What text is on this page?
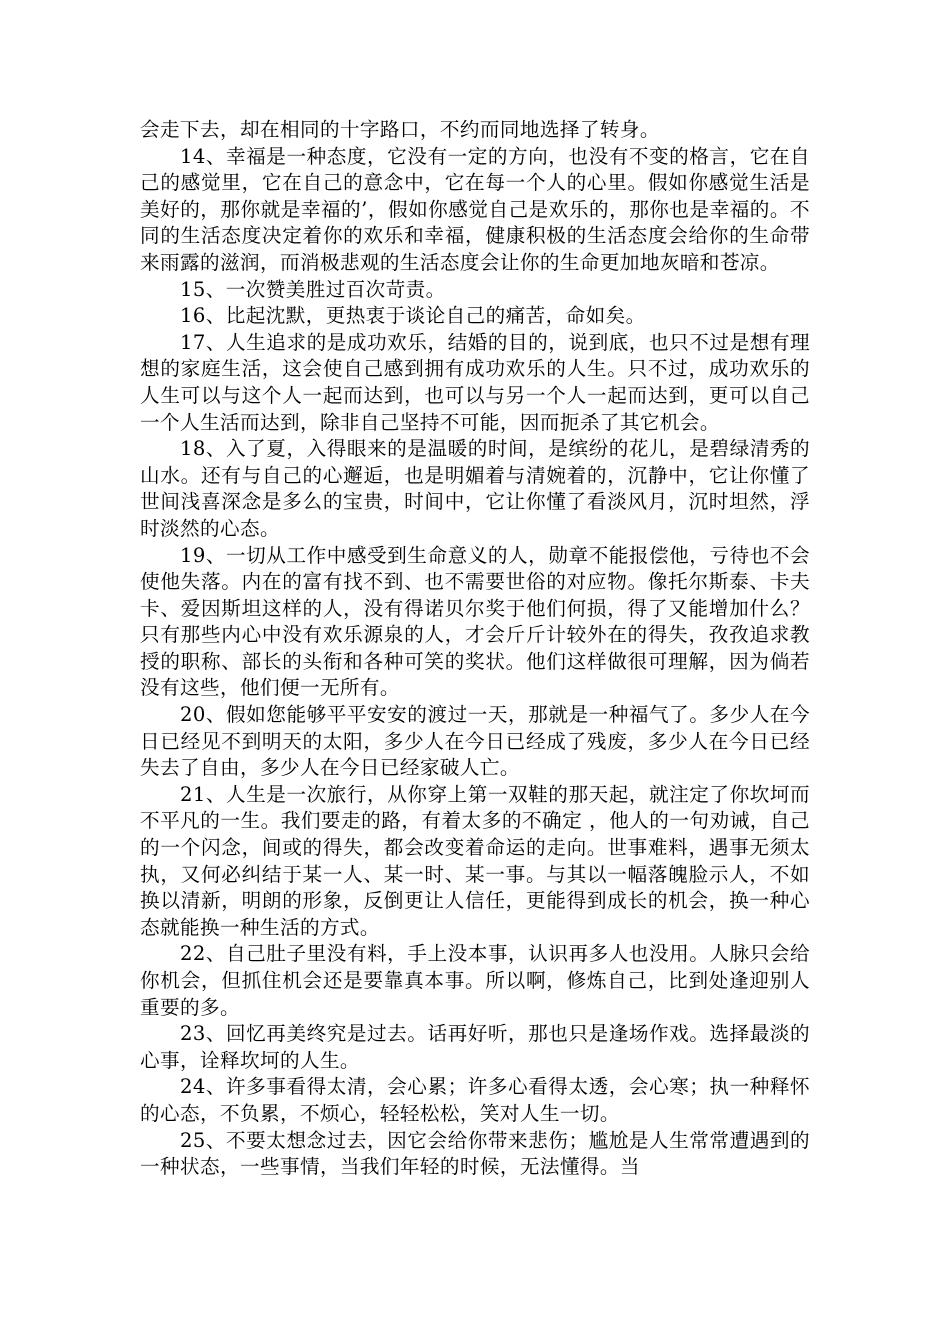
会走下去，却在相同的十字路口，不约而同地选择了转身。

14、幸福是一种态度，它没有一定的方向，也没有不变的格言，它在自己的感觉里，它在自己的意念中，它在每一个人的心里。假如你感觉生活是美好的，那你就是幸福的’，假如你感觉自己是欢乐的，那你也是幸福的。不同的生活态度决定着你的欢乐和幸福，健康积极的生活态度会给你的生命带来雨露的滋润，而消极悲观的生活态度会让你的生命更加地灰暗和苍凉。

15、一次赞美胜过百次苛责。

16、比起沈默，更热衷于谈论自己的痛苦，命如矣。

17、人生追求的是成功欢乐，结婚的目的，说到底，也只不过是想有理想的家庭生活，这会使自己感到拥有成功欢乐的人生。只不过，成功欢乐的人生可以与这个人一起而达到，也可以与另一个人一起而达到，更可以自己一个人生活而达到，除非自己坚持不可能，因而扼杀了其它机会。

18、入了夏，入得眼来的是温暖的时间，是缤纷的花儿，是碧绿清秀的山水。还有与自己的心邂逅，也是明媚着与清婉着的，沉静中，它让你懂了世间浅喜深念是多么的宝贵，时间中，它让你懂了看淡风月，沉时坦然，浮时淡然的心态。

19、一切从工作中感受到生命意义的人，勋章不能报偿他，亏待也不会使他失落。内在的富有找不到、也不需要世俗的对应物。像托尔斯泰、卡夫卡、爱因斯坦这样的人，没有得诺贝尔奖于他们何损，得了又能增加什么？只有那些内心中没有欢乐源泉的人，才会斤斤计较外在的得失，孜孜追求教授的职称、部长的头衔和各种可笑的奖状。他们这样做很可理解，因为倘若没有这些，他们便一无所有。

20、假如您能够平平安安的渡过一天，那就是一种福气了。多少人在今日已经见不到明天的太阳，多少人在今日已经成了残废，多少人在今日已经失去了自由，多少人在今日已经家破人亡。

21、人生是一次旅行，从你穿上第一双鞋的那天起，就注定了你坎坷而不平凡的一生。我们要走的路，有着太多的不确定 ，他人的一句劝诫，自己的一个闪念，间或的得失，都会改变着命运的走向。世事难料，遇事无须太执，又何必纠结于某一人、某一时、某一事。与其以一幅落魄脸示人，不如换以清新，明朗的形象，反倒更让人信任，更能得到成长的机会，换一种心态就能换一种生活的方式。

22、自己肚子里没有料，手上没本事，认识再多人也没用。人脉只会给你机会，但抓住机会还是要靠真本事。所以啊，修炼自己，比到处逢迎别人重要的多。

23、回忆再美终究是过去。话再好听，那也只是逢场作戏。选择最淡的心事，诠释坎坷的人生。

24、许多事看得太清，会心累；许多心看得太透，会心寒；执一种释怀的心态，不负累，不烦心，轻轻松松，笑对人生一切。

25、不要太想念过去，因它会给你带来悲伤；尴尬是人生常常遭遇到的一种状态，一些事情，当我们年轻的时候，无法懂得。当
